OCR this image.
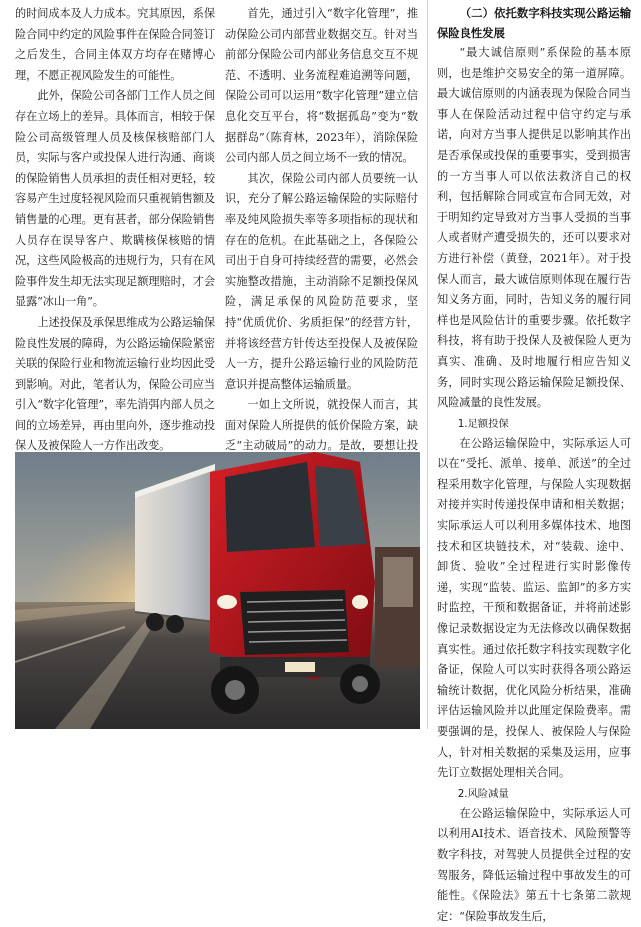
的时间成本及人力成本。究其原因，系保险合同中约定的风险事件在保险合同签订之后发生，合同主体双方均存在赌博心理，不愿正视风险发生的可能性。

此外，保险公司各部门工作人员之间存在立场上的差异。具体而言，相较于保险公司高级管理人员及核保核赔部门人员，实际与客户或投保人进行沟通、商谈的保险销售人员承担的责任相对更轻，较容易产生过度轻视风险而只重视销售额及销售量的心理。更有甚者，部分保险销售人员存在误导客户、欺瞒核保核赔的情况，这些风险极高的违规行为，只有在风险事件发生却无法实现足额理赔时，才会显露“冰山一角”。

上述投保及承保思维成为公路运输保险良性发展的障碍，为公路运输保险紧密关联的保险行业和物流运输行业均因此受到影响。对此，笔者认为，保险公司应当引入“数字化管理”，率先消弭内部人员之间的立场差异，再由里向外，逐步推动投保人及被保险人一方作出改变。

首先，通过引入“数字化管理”，推动保险公司内部营业数据交互。针对当前部分保险公司内部业务信息交互不规范、不透明、业务流程难追溯等问题，保险公司可以运用“数字化管理”建立信息化交互平台，将“数据孤岛”变为“数据群岛”（陈育林，2023年），消除保险公司内部人员之间立场不一致的情况。

其次，保险公司内部人员要统一认识，充分了解公路运输保险的实际赔付率及纯风险损失率等多项指标的现状和存在的危机。在此基础之上，各保险公司出于自身可持续经营的需要，必然会实施整改措施，主动消除不足额投保风险，满足承保的风险防范要求，坚持“优质优价、劣质拒保”的经营方针，并将该经营方针传达至投保人及被保险人一方，提升公路运输行业的风险防范意识并提高整体运输质量。

一如上文所说，就投保人而言，其面对保险人所提供的低价保险方案，缺乏“主动破局”的动力。是故，要想让投

（二）依托数字科技实现公路运输保险良性发展

“最大诚信原则”系保险的基本原则，也是维护交易安全的第一道屏障。最大诚信原则的内涵表现为保险合同当事人在保险活动过程中信守约定与承诺，向对方当事人提供足以影响其作出是否承保或投保的重要事实，受到损害的一方当事人可以依法救济自己的权利，包括解除合同或宣布合同无效，对于明知约定导致对方当事人受损的当事人或者财产遭受损失的，还可以要求对方进行补偿（黄登，2021年）。对于投保人而言，最大诚信原则体现在履行告知义务方面，同时，告知义务的履行同样也是风险估计的重要步骤。依托数字科技，将有助于投保人及被保险人更为真实、准确、及时地履行相应告知义务，同时实现公路运输保险足额投保、风险减量的良性发展。

1.足额投保

在公路运输保险中，实际承运人可以在“受托、派单、接单、派送”的全过程采用数字化管理，与保险人实现数据对接并实时传递投保申请和相关数据；实际承运人可以利用多媒体技术、地图技术和区块链技术，对“装载、途中、卸货、验收”全过程进行实时影像传递，实现“监装、监运、监卸”的多方实时监控，干预和数据备证，并将前述影像记录数据设定为无法修改以确保数据真实性。通过依托数字科技实现数字化备证，保险人可以实时获得各项公路运输统计数据，优化风险分析结果，准确评估运输风险并以此厘定保险费率。需要强调的是，投保人、被保险人与保险人，针对相关数据的采集及运用，应事先订立数据处理相关合同。

2.风险减量

在公路运输保险中，实际承运人可以利用AI技术、语音技术、风险预警等数字科技，对驾驶人员提供全过程的安驾服务，降低运输过程中事故发生的可能性。《保险法》第五十七条第二款规定：“保险事故发生后，
